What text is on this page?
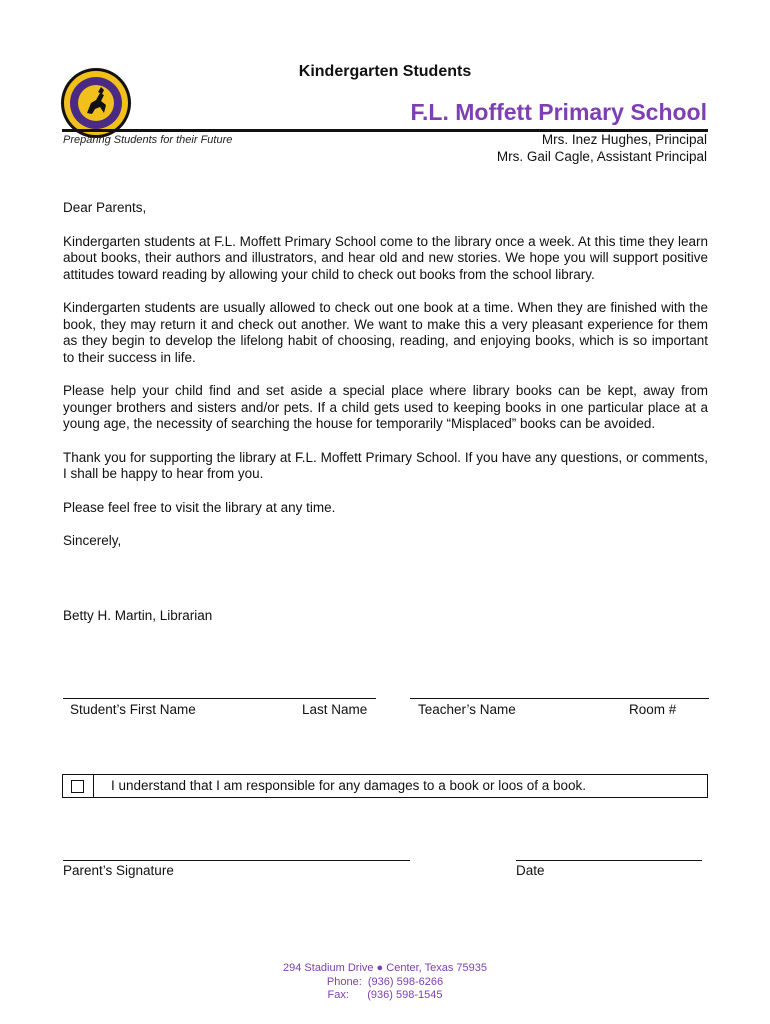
Kindergarten Students
F.L. Moffett Primary School
Preparing Students for their Future	Mrs. Inez Hughes, Principal
Mrs. Gail Cagle, Assistant Principal

Dear Parents,

Kindergarten students at F.L. Moffett Primary School come to the library once a week. At this time they learn about books, their authors and illustrators, and hear old and new stories. We hope you will support positive attitudes toward reading by allowing your child to check out books from the school library.

Kindergarten students are usually allowed to check out one book at a time. When they are finished with the book, they may return it and check out another. We want to make this a very pleasant experience for them as they begin to develop the lifelong habit of choosing, reading, and enjoying books, which is so important to their success in life.

Please help your child find and set aside a special place where library books can be kept, away from younger brothers and sisters and/or pets. If a child gets used to keeping books in one particular place at a young age, the necessity of searching the house for temporarily “Misplaced” books can be avoided.

Thank you for supporting the library at F.L. Moffett Primary School. If you have any questions, or comments, I shall be happy to hear from you.

Please feel free to visit the library at any time.

Sincerely,

Betty H. Martin, Librarian
Student’s First Name	Last Name	Teacher’s Name	Room #
I understand that I am responsible for any damages to a book or loos of a book.
Parent’s Signature	Date
294 Stadium Drive ● Center, Texas 75935
Phone:  (936) 598-6266
Fax:      (936) 598-1545
